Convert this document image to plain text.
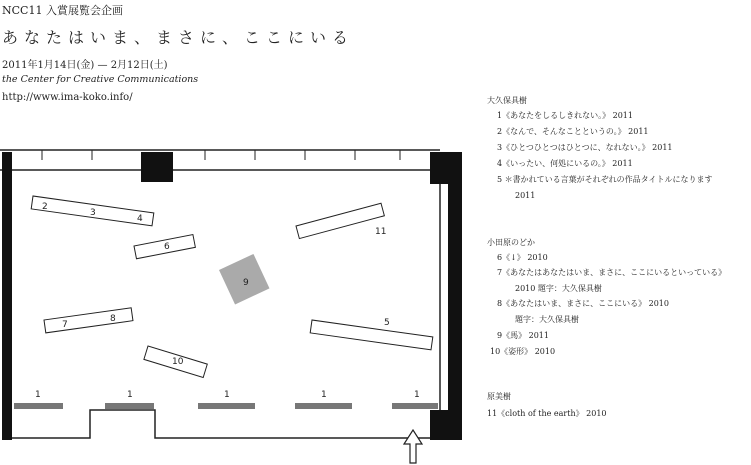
NCC11 入賞展覧会企画
あなたはいま、まさに、ここにいる
2011年1月14日(金) — 2月12日(土)
the Center for Creative Communications
http://www.ima-koko.info/
2
3
4
6
11
9
7
8	5
10
1	1	1	1	1
大久保具樹
1《あなたをしるしきれない。》 2011
2《なんで、そんなことというの。》 2011
3《ひとつひとつはひとつに、なれない。》 2011
4《いったい、何処にいるの。》 2011
5 ＊書かれている言葉がそれぞれの作品タイトルになります
2011
小田原のどか
6《↓》 2010
7《あなたはあなたはいま、まさに、ここにいるといっている》
2010 題字：大久保具樹
8《あなたはいま、まさに、ここにいる》 2010
題字：大久保具樹
9《馬》 2011
10《姿形》 2010
原美樹
11《cloth of the earth》 2010
